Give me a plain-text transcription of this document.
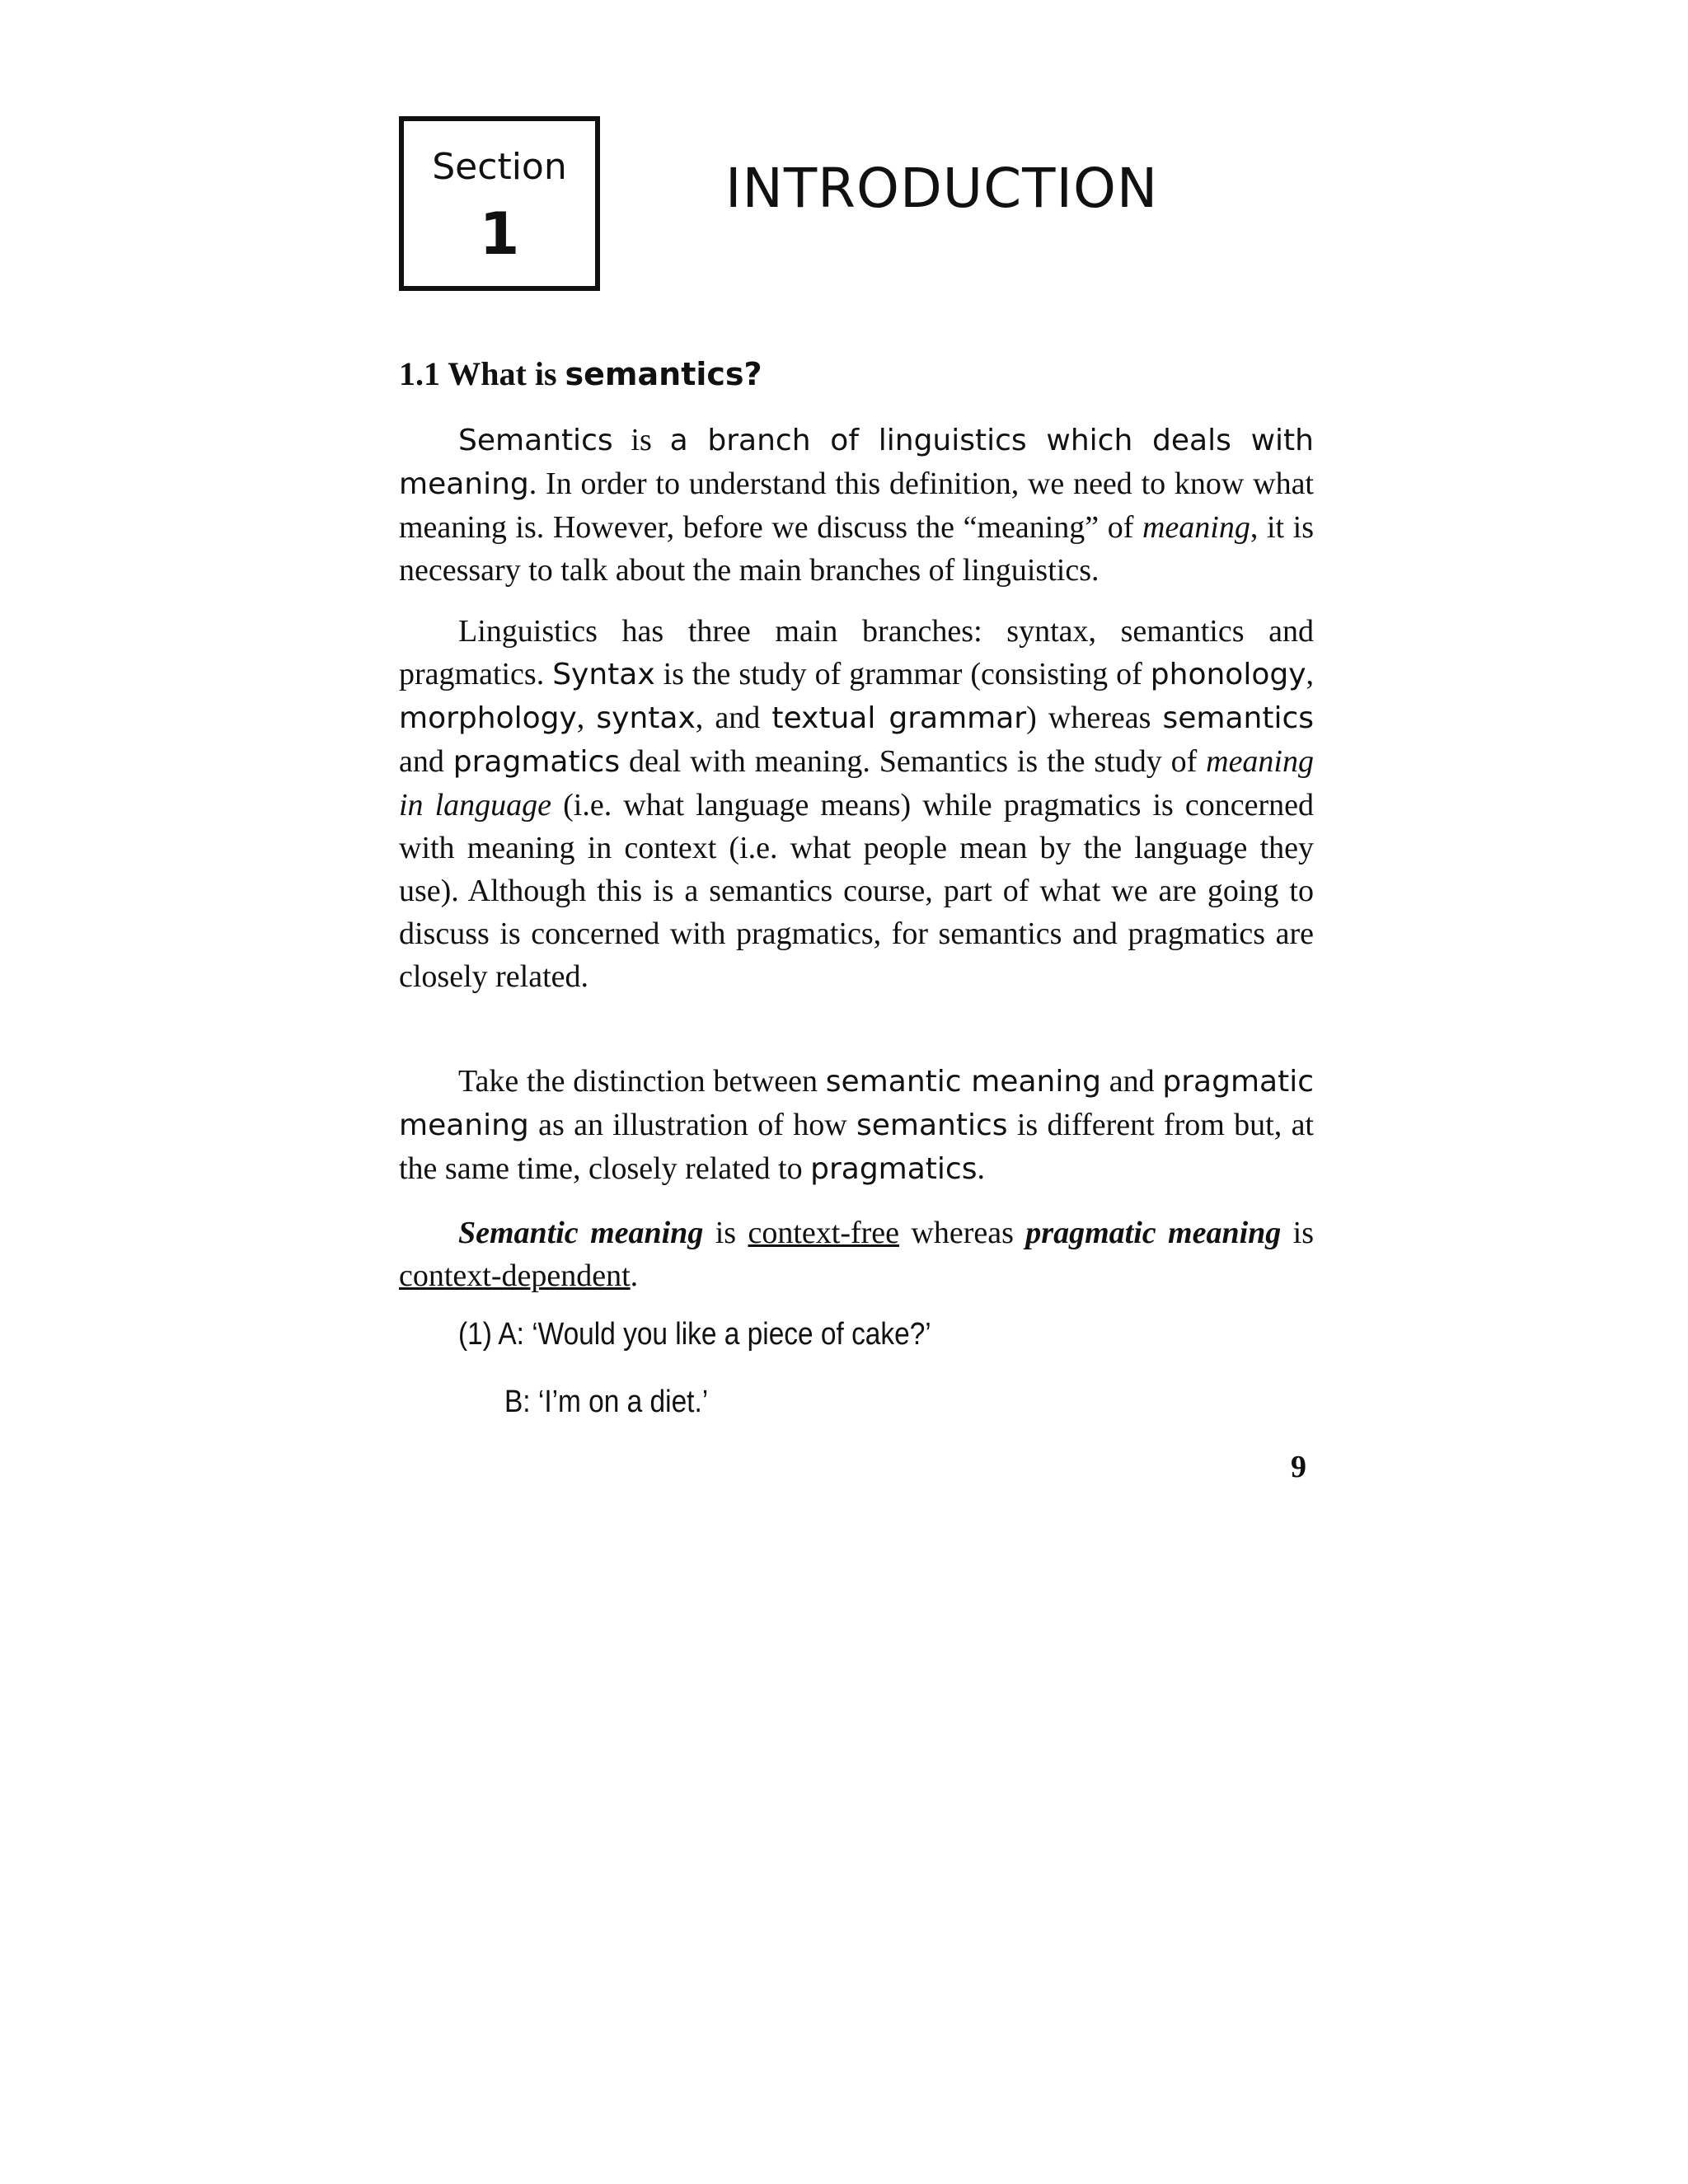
Section
1
INTRODUCTION
1.1 What is semantics?

Semantics is a branch of linguistics which deals with meaning. In order to understand this definition, we need to know what meaning is. However, before we discuss the “meaning” of meaning, it is necessary to talk about the main branches of linguistics.

Linguistics has three main branches: syntax, semantics and pragmatics. Syntax is the study of grammar (consisting of phonology, morphology, syntax, and textual grammar) whereas semantics and pragmatics deal with meaning. Semantics is the study of meaning in language (i.e. what language means) while pragmatics is concerned with meaning in context (i.e. what people mean by the language they use). Although this is a semantics course, part of what we are going to discuss is concerned with pragmatics, for semantics and pragmatics are closely related.

Take the distinction between semantic meaning and pragmatic meaning as an illustration of how semantics is different from but, at the same time, closely related to pragmatics.

Semantic meaning is context-free whereas pragmatic meaning is context-dependent.

(1) A: ‘Would you like a piece of cake?’
B: ‘I’m on a diet.’
9
